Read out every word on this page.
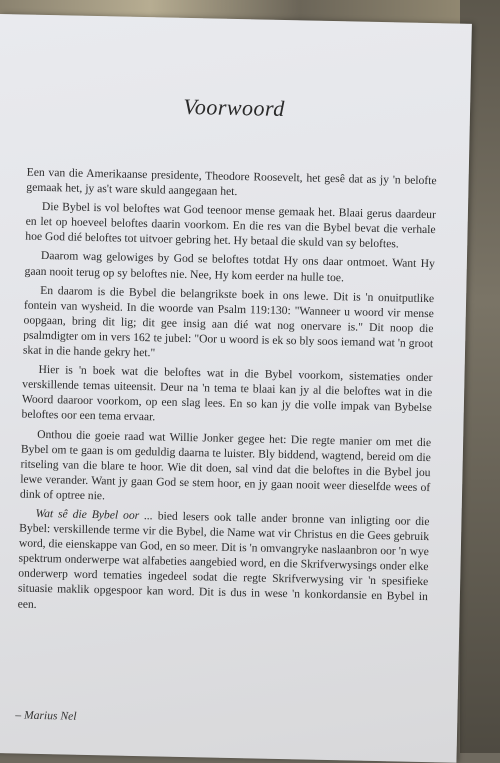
Voorwoord

Een van die Amerikaanse presidente, Theodore Roosevelt, het gesê dat as jy 'n belofte gemaak het, jy as't ware skuld aangegaan het.

Die Bybel is vol beloftes wat God teenoor mense gemaak het. Blaai gerus daardeur en let op hoeveel beloftes daarin voorkom. En die res van die Bybel bevat die verhale hoe God dié beloftes tot uitvoer gebring het. Hy betaal die skuld van sy beloftes.

Daarom wag gelowiges by God se beloftes totdat Hy ons daar ontmoet. Want Hy gaan nooit terug op sy beloftes nie. Nee, Hy kom eerder na hulle toe.

En daarom is die Bybel die belangrikste boek in ons lewe. Dit is 'n onuitputlike fontein van wysheid. In die woorde van Psalm 119:130: "Wanneer u woord vir mense oopgaan, bring dit lig; dit gee insig aan dié wat nog onervare is." Dit noop die psalmdigter om in vers 162 te jubel: "Oor u woord is ek so bly soos iemand wat 'n groot skat in die hande gekry het."

Hier is 'n boek wat die beloftes wat in die Bybel voorkom, sistematies onder verskillende temas uiteensit. Deur na 'n tema te blaai kan jy al die beloftes wat in die Woord daaroor voorkom, op een slag lees. En so kan jy die volle impak van Bybelse beloftes oor een tema ervaar.

Onthou die goeie raad wat Willie Jonker gegee het: Die regte manier om met die Bybel om te gaan is om geduldig daarna te luister. Bly biddend, wagtend, bereid om die ritseling van die blare te hoor. Wie dit doen, sal vind dat die beloftes in die Bybel jou lewe verander. Want jy gaan God se stem hoor, en jy gaan nooit weer dieselfde wees of dink of optree nie.

Wat sê die Bybel oor ... bied lesers ook talle ander bronne van inligting oor die Bybel: verskillende terme vir die Bybel, die Name wat vir Christus en die Gees gebruik word, die eienskappe van God, en so meer. Dit is 'n omvangryke naslaanbron oor 'n wye spektrum onderwerpe wat alfabeties aangebied word, en die Skrifverwysings onder elke onderwerp word tematies ingedeel sodat die regte Skrifverwysing vir 'n spesifieke situasie maklik opgespoor kan word. Dit is dus in wese 'n konkordansie en Bybel in een.

– Marius Nel
